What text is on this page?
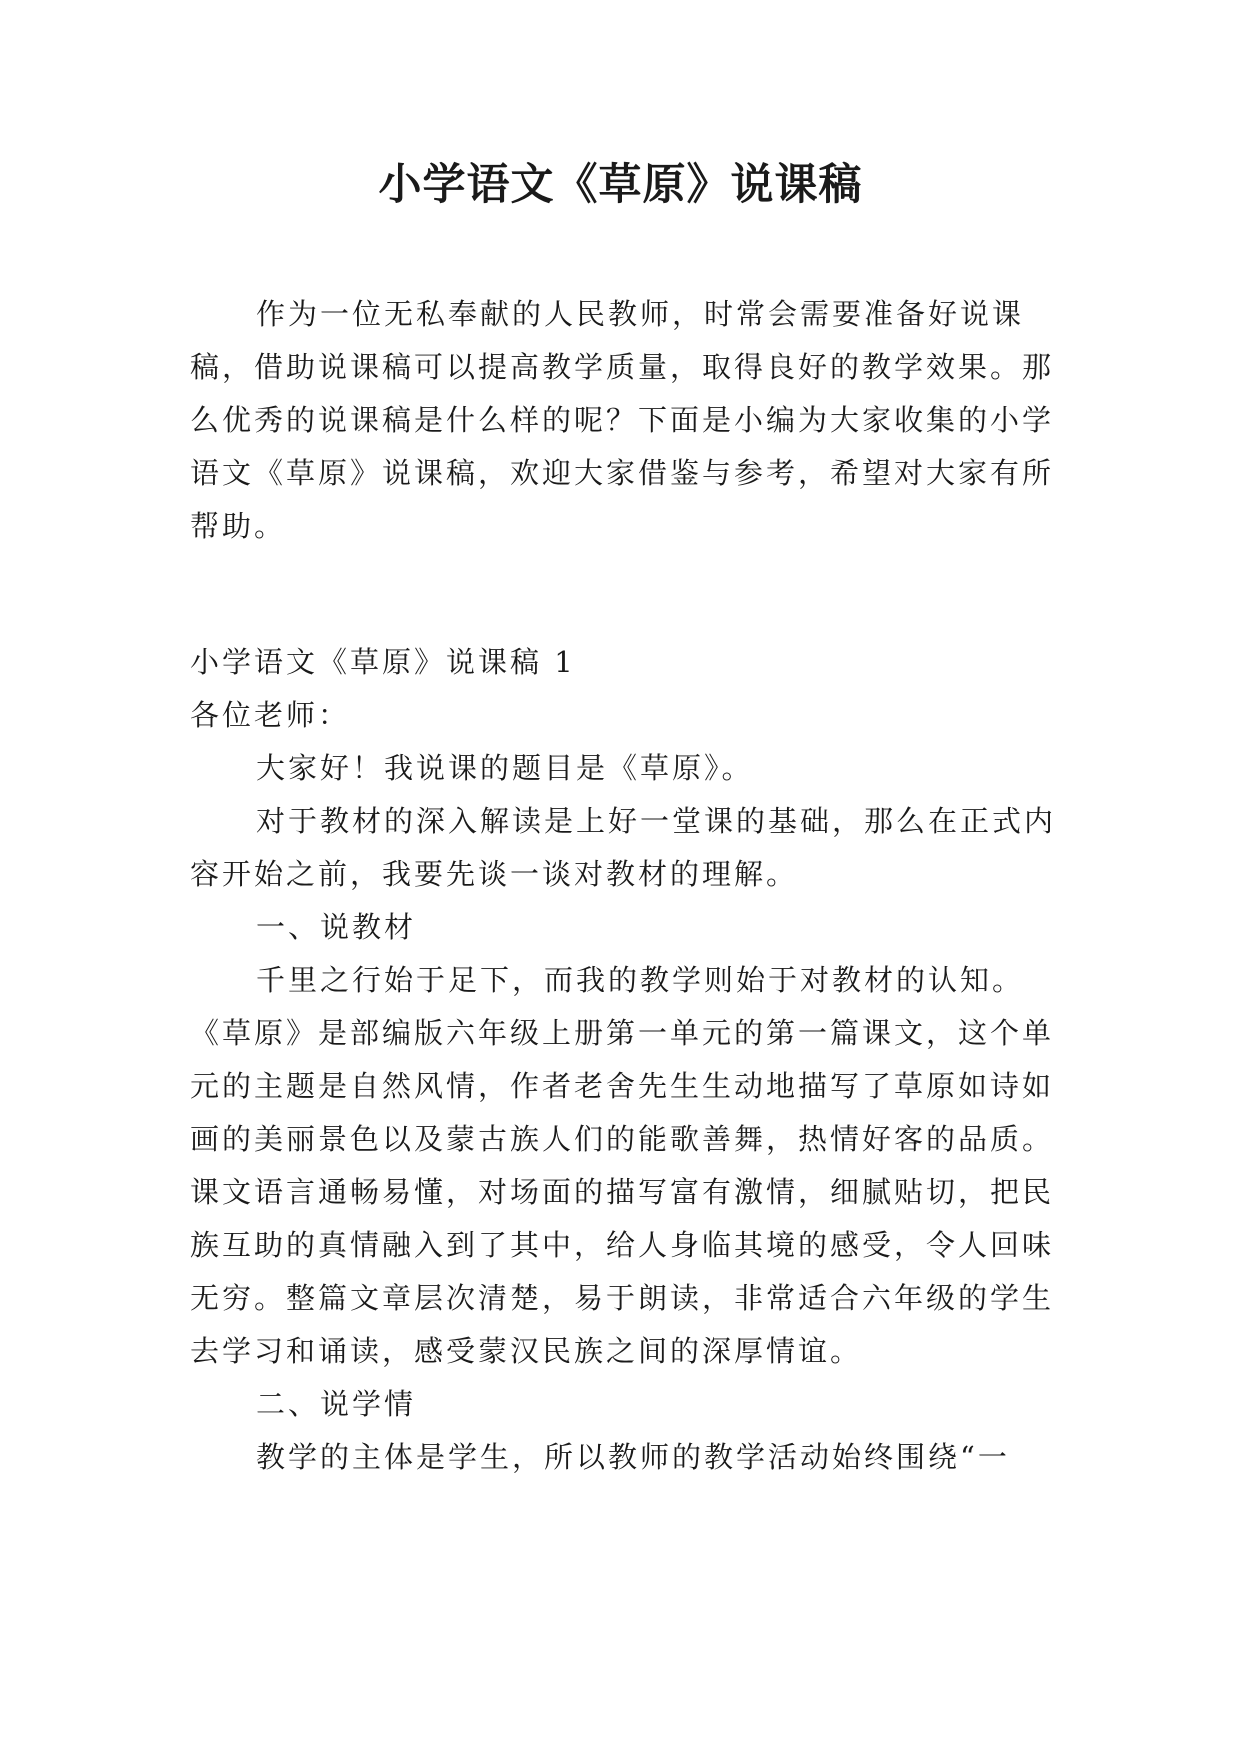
小学语文《草原》说课稿

作为一位无私奉献的人民教师，时常会需要准备好说课稿，借助说课稿可以提高教学质量，取得良好的教学效果。那么优秀的说课稿是什么样的呢？下面是小编为大家收集的小学语文《草原》说课稿，欢迎大家借鉴与参考，希望对大家有所帮助。

小学语文《草原》说课稿 1

各位老师：

大家好！我说课的题目是《草原》。

对于教材的深入解读是上好一堂课的基础，那么在正式内容开始之前，我要先谈一谈对教材的理解。

一、说教材

千里之行始于足下，而我的教学则始于对教材的认知。《草原》是部编版六年级上册第一单元的第一篇课文，这个单元的主题是自然风情，作者老舍先生生动地描写了草原如诗如画的美丽景色以及蒙古族人们的能歌善舞，热情好客的品质。课文语言通畅易懂，对场面的描写富有激情，细腻贴切，把民族互助的真情融入到了其中，给人身临其境的感受，令人回味无穷。整篇文章层次清楚，易于朗读，非常适合六年级的学生去学习和诵读，感受蒙汉民族之间的深厚情谊。

二、说学情

教学的主体是学生，所以教师的教学活动始终围绕“一
